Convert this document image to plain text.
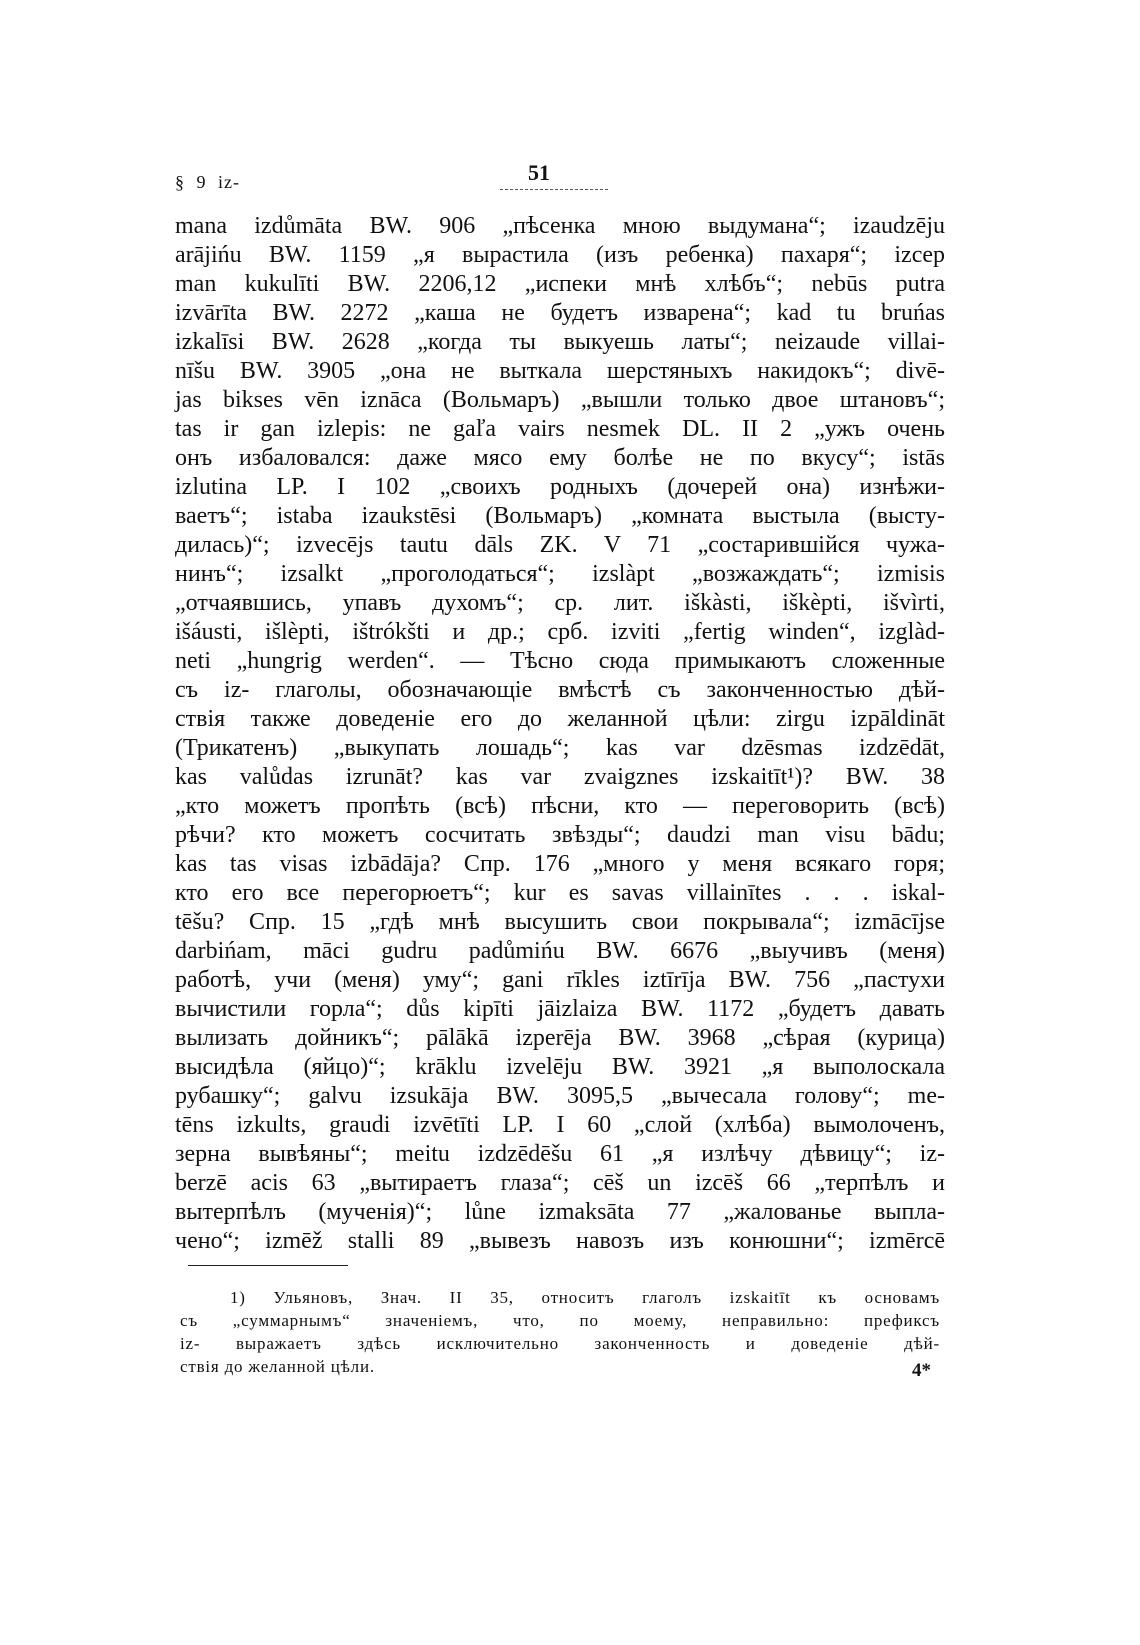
§ 9 iz-	51
mana izdůmāta BW. 906 „пѣсенка мною выдумана“; izaudzēju
arājińu BW. 1159 „я вырастила (изъ ребенка) пахаря“; izcep
man kukulīti BW. 2206,12 „испеки мнѣ хлѣбъ“; nebūs putra
izvārīta BW. 2272 „каша не будетъ изварена“; kad tu bruńas
izkalīsi BW. 2628 „когда ты выкуешь латы“; neizaude villai-
nīšu BW. 3905 „она не выткала шерстяныхъ накидокъ“; divē-
jas bikses vēn iznāca (Вольмаръ) „вышли только двое штановъ“;
tas ir gan izlepis: ne gaľa vairs nesmek DL. II 2 „ужъ очень
онъ избаловался: даже мясо ему болѣе не по вкусу“; istās
izlutina LP. I 102 „своихъ родныхъ (дочерей она) изнѣжи-
ваетъ“; istaba izaukstēsi (Вольмаръ) „комната выстыла (высту-
дилась)“; izvecējs tautu dāls ZK. V 71 „состарившійся чужа-
нинъ“; izsalkt „проголодаться“; izslàpt „возжаждать“; izmisis
„отчаявшись, упавъ духомъ“; ср. лит. iškàsti, iškèpti, išvìrti,
išáusti, išlèpti, ištrókšti и др.; срб. izviti „fertig winden“, izglàd-
neti „hungrig werden“. — Тѣсно сюда примыкаютъ сложенные
съ iz- глаголы, обозначающіе вмѣстѣ съ законченностью дѣй-
ствія также доведеніе его до желанной цѣли: zirgu izpāldināt
(Трикатенъ) „выкупать лошадь“; kas var dzēsmas izdzēdāt,
kas valůdas izrunāt? kas var zvaigznes izskaitīt¹)? BW. 38
„кто можетъ пропѣть (всѣ) пѣсни, кто — переговорить (всѣ)
рѣчи? кто можетъ сосчитать звѣзды“; daudzi man visu bādu;
kas tas visas izbādāja? Спр. 176 „много у меня всякаго горя;
кто его все перегорюетъ“; kur es savas villainītes . . . iskal-
tēšu? Спр. 15 „гдѣ мнѣ высушить свои покрывала“; izmācījse
darbińam, māci gudru padůmińu BW. 6676 „выучивъ (меня)
работѣ, учи (меня) уму“; gani rīkles iztīrīja BW. 756 „пастухи
вычистили горла“; důs kipīti jāizlaiza BW. 1172 „будетъ давать
вылизать дойникъ“; pālākā izperēja BW. 3968 „сѣрая (курица)
высидѣла (яйцо)“; krāklu izvelēju BW. 3921 „я выполоскала
рубашку“; galvu izsukāja BW. 3095,5 „вычесала голову“; me-
tēns izkults, graudi izvētīti LP. I 60 „слой (хлѣба) вымолоченъ,
зерна вывѣяны“; meitu izdzēdēšu 61 „я излѣчу дѣвицу“; iz-
berzē acis 63 „вытираетъ глаза“; cēš un izcēš 66 „терпѣлъ и
вытерпѣлъ (мученія)“; lůne izmaksāta 77 „жалованье выпла-
чено“; izmēž stalli 89 „вывезъ навозъ изъ конюшни“; izmērcē
1) Ульяновъ, Знач. II 35, относитъ глаголъ izskaitīt къ основамъ
съ „суммарнымъ“ значеніемъ, что, по моему, неправильно: префиксъ
iz- выражаетъ здѣсь исключительно законченность и доведеніе дѣй-
ствія до желанной цѣли.	4*
